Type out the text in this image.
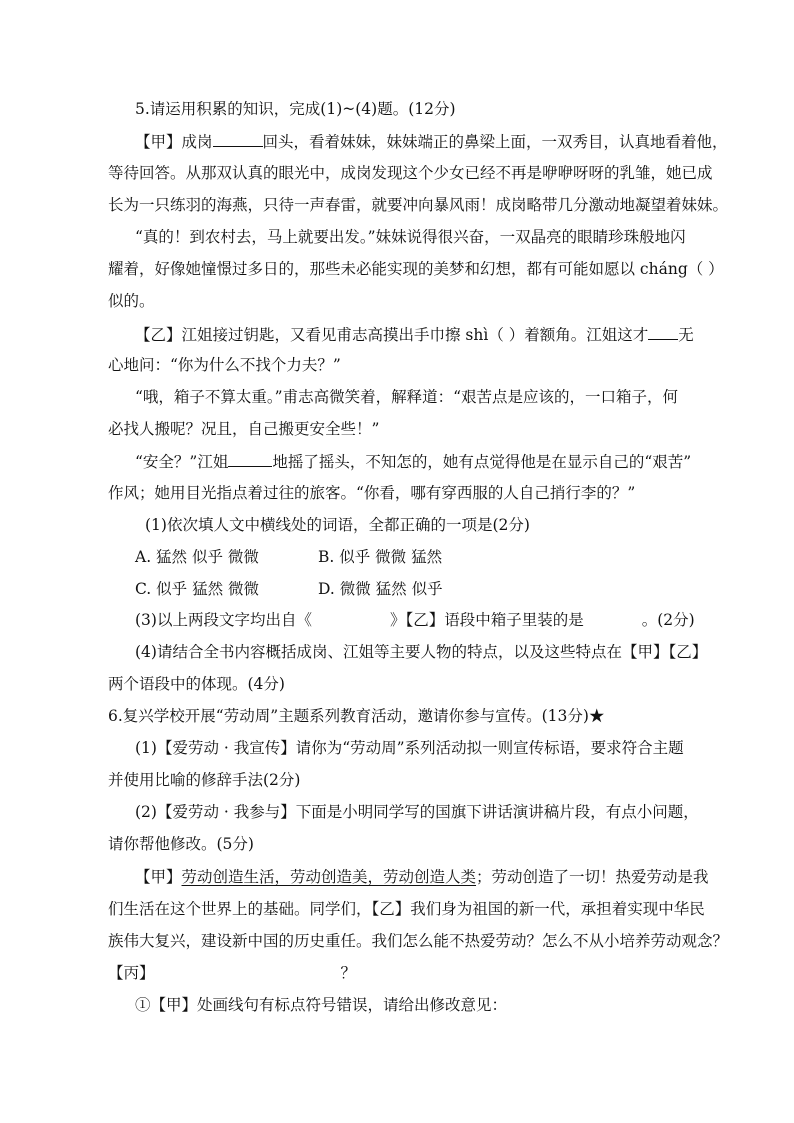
5.请运用积累的知识，完成(1)~(4)题。(12分)
【甲】成岗	回头，看着妹妹，妹妹端正的鼻梁上面，一双秀目，认真地看着他，
等待回答。从那双认真的眼光中，成岗发现这个少女已经不再是咿咿呀呀的乳雏，她已成
长为一只练羽的海燕，只待一声春雷，就要冲向暴风雨！成岗略带几分激动地凝望着妹妹。
“真的！到农村去，马上就要出发。”妹妹说得很兴奋，一双晶亮的眼睛珍珠般地闪
耀着，好像她憧憬过多日的，那些未必能实现的美梦和幻想，都有可能如愿以 cháng（ ）
似的。
【乙】江姐接过钥匙，又看见甫志高摸出手巾擦 shì（ ）着额角。江姐这才 无
心地问：“你为什么不找个力夫？”
“哦，箱子不算太重。”甫志高微笑着，解释道：“艰苦点是应该的，一口箱子，何
必找人搬呢？况且，自己搬更安全些！”
“安全？”江姐	地摇了摇头，不知怎的，她有点觉得他是在显示自己的“艰苦”
作风；她用目光指点着过往的旅客。“你看，哪有穿西服的人自己捎行李的？”
(1)依次填人文中横线处的词语，全都正确的一项是(2分)
A. 猛然 似乎 微微	B. 似乎 微微 猛然
C. 似乎 猛然 微微	D. 微微 猛然 似乎
(3)以上两段文字均出自《	》【乙】语段中箱子里装的是	。(2分)
(4)请结合全书内容概括成岗、江姐等主要人物的特点，以及这些特点在【甲】【乙】
两个语段中的体现。(4分)
6.复兴学校开展“劳动周”主题系列教育活动，邀请你参与宣传。(13分)★
(1)【爱劳动 · 我宣传】请你为“劳动周”系列活动拟一则宣传标语，要求符合主题
并使用比喻的修辞手法(2分)
(2)【爱劳动 · 我参与】下面是小明同学写的国旗下讲话演讲稿片段，有点小问题，
请你帮他修改。(5分)
【甲】劳动创造生活，劳动创造美，劳动创造人类；劳动创造了一切！热爱劳动是我
们生活在这个世界上的基础。同学们，【乙】我们身为祖国的新一代，承担着实现中华民
族伟大复兴，建设新中国的历史重任。我们怎么能不热爱劳动？怎么不从小培养劳动观念？
【丙】	？
①【甲】处画线句有标点符号错误，请给出修改意见：
